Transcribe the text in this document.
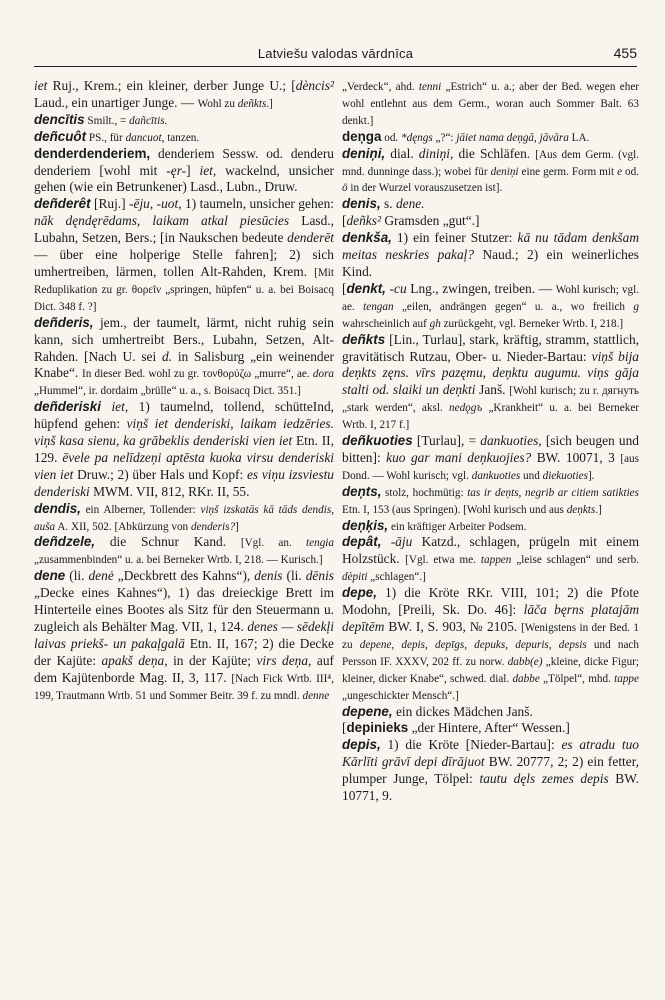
Latviešu valodas vārdnīca	455

iet Ruj., Krem.; ein kleiner, derber Junge U.; [dèncis² Laud., ein unartiger Junge. — Wohl zu deñkts.]

dencītis Smilt., = dañcītis.

deñcuôt PS., für dancuot, tanzen.

denderdenderiem, denderiem Sessw. od. denderu denderiem [wohl mit -ęr-] iet, wackelnd, unsicher gehen (wie ein Betrunkener) Lasd., Lubn., Druw.

deñderêt [Ruj.] -ēju, -uot, 1) taumeln, unsicher gehen: nāk dęndęrēdams, laikam atkal piesūcies Lasd., Lubahn, Setzen, Bers.; [in Naukschen bedeute denderēt — über eine holperige Stelle fahren]; 2) sich umhertreiben, lärmen, tollen Alt-Rahden, Krem. [Mit Reduplikation zu gr. θορεῖν „springen, hüpfen“ u. a. bei Boisacq Dict. 348 f. ?]

deñderis, jem., der taumelt, lärmt, nicht ruhig sein kann, sich umhertreibt Bers., Lubahn, Setzen, Alt-Rahden. [Nach U. sei d. in Salisburg „ein weinender Knabe“. In dieser Bed. wohl zu gr. τονθορύζω „murre“, ae. dora „Hummel“, ir. dordaim „brülle“ u. a., s. Boisacq Dict. 351.]

deñderiski iet, 1) taumelnd, tollend, schütteInd, hüpfend gehen: viņš iet denderiski, laikam iedzēries. viņš kasa sienu, ka grābeklis denderiski vien iet Etn. II, 129. ēvele pa nelīdzeņi aptēsta kuoka virsu denderiski vien iet Druw.; 2) über Hals und Kopf: es viņu izsviestu denderiski MWM. VII, 812, RKr. II, 55.

dendis, ein Alberner, Tollender: viņš izskatās kā tāds dendis, auša A. XII, 502. [Abkürzung von denderis?]

deñdzele, die Schnur Kand. [Vgl. an. tengia „zusammenbinden“ u. a. bei Berneker Wrtb. I, 218. — Kurisch.]

dene (li. denė „Deckbrett des Kahns“), denis (li. dēnis „Decke eines Kahnes“), 1) das dreieckige Brett im Hinterteile eines Bootes als Sitz für den Steuermann u. zugleich als Behälter Mag. VII, 1, 124. denes — sēdekļi laivas priekš- un pakaļgalā Etn. II, 167; 2) die Decke der Kajüte: apakš deņa, in der Kajüte; virs deņa, auf dem Kajütenborde Mag. II, 3, 117. [Nach Fick Wrtb. III⁴, 199, Trautmann Wrtb. 51 und Sommer Beitr. 39 f. zu mndl. denne

„Verdeck“, ahd. tenni „Estrich“ u. a.; aber der Bed. wegen eher wohl entlehnt aus dem Germ., woran auch Sommer Balt. 63 denkt.]

deņga od. *dęngs „?“: jāiet nama deņgā, jāvāra LA.

deniņi, dial. diniņi, die Schläfen. [Aus dem Germ. (vgl. mnd. dunninge dass.); wobei für deniņi eine germ. Form mit e od. ö in der Wurzel vorauszusetzen ist].

denis, s. dene.

[deñks² Gramsden „gut“.]

denkša, 1) ein feiner Stutzer: kā nu tādam denkšam meitas neskries pakaļ? Naud.; 2) ein weinerliches Kind.

[denkt, -cu Lng., zwingen, treiben. — Wohl kurisch; vgl. ae. tengan „eilen, andrängen gegen“ u. a., wo freilich g wahrscheinlich auf gh zurückgeht, vgl. Berneker Wrtb. I, 218.]

deñkts [Lin., Turlau], stark, kräftig, stramm, stattlich, gravitätisch Rutzau, Ober- u. Nieder-Bartau: viņš bija deņkts zęns. vīrs pazęmu, deņktu augumu. viņs gāja stalti od. slaiki un deņkti Janš. [Wohl kurisch; zu r. дягнуть „stark werden“, aksl. nedǫgъ „Krankheit“ u. a. bei Berneker Wrtb. I, 217 f.]

deñkuoties [Turlau], = dankuoties, [sich beugen und bitten]: kuo gar mani deņkuojies? BW. 10071, 3 [aus Dond. — Wohl kurisch; vgl. dankuoties und diekuoties].

deņts, stolz, hochmütig: tas ir deņts, negrib ar citiem satikties Etn. I, 153 (aus Springen). [Wohl kurisch und aus deņkts.]

deņķis, ein kräftiger Arbeiter Podsem.

depât, -āju Katzd., schlagen, prügeln mit einem Holzstück. [Vgl. etwa me. tappen „leise schlagen“ und serb. dèpiti „schlagen“.]

depe, 1) die Kröte RKr. VIII, 101; 2) die Pfote Modohn, [Preili, Sk. Do. 46]: lāča bęrns platajām depītēm BW. I, S. 903, № 2105. [Wenigstens in der Bed. 1 zu depene, depis, depīgs, depuks, depuris, depsis und nach Persson IF. XXXV, 202 ff. zu norw. dabb(e) „kleine, dicke Figur; kleiner, dicker Knabe“, schwed. dial. dabbe „Tölpel“, mhd. tappe „ungeschickter Mensch“.]

depene, ein dickes Mädchen Janš.

[depinieks „der Hintere, After“ Wessen.]

depis, 1) die Kröte [Nieder-Bartau]: es atradu tuo Kārlīti grāvī depi dīrājuot BW. 20777, 2; 2) ein fetter, plumper Junge, Tölpel: tautu dęls zemes depis BW. 10771, 9.
